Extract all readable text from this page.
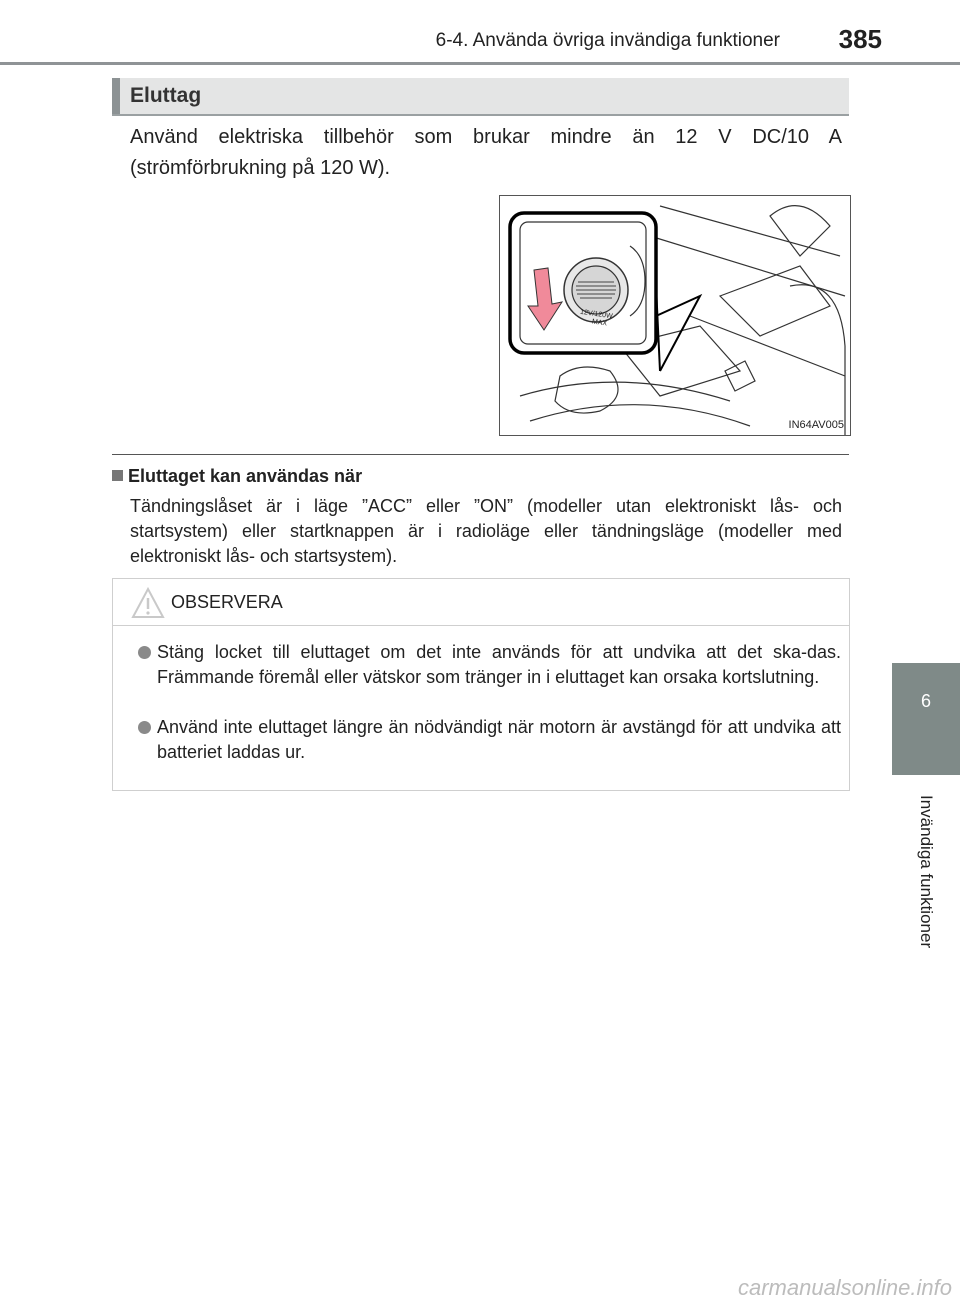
6-4. Använda övriga invändiga funktioner 385
6
Invändiga funktioner
Eluttag
Använd elektriska tillbehör som brukar mindre än 12 V DC/10 A (strömförbrukning på 120 W).
12V/120W
MAX
IN64AV005
Eluttaget kan användas när
Tändningslåset är i läge ”ACC” eller ”ON” (modeller utan elektroniskt lås- och startsystem) eller startknappen är i radioläge eller tändningsläge (modeller med elektroniskt lås- och startsystem).
OBSERVERA
Stäng locket till eluttaget om det inte används för att undvika att det ska-das. Främmande föremål eller vätskor som tränger in i eluttaget kan orsaka kortslutning.
Använd inte eluttaget längre än nödvändigt när motorn är avstängd för att undvika att batteriet laddas ur.
carmanualsonline.info
